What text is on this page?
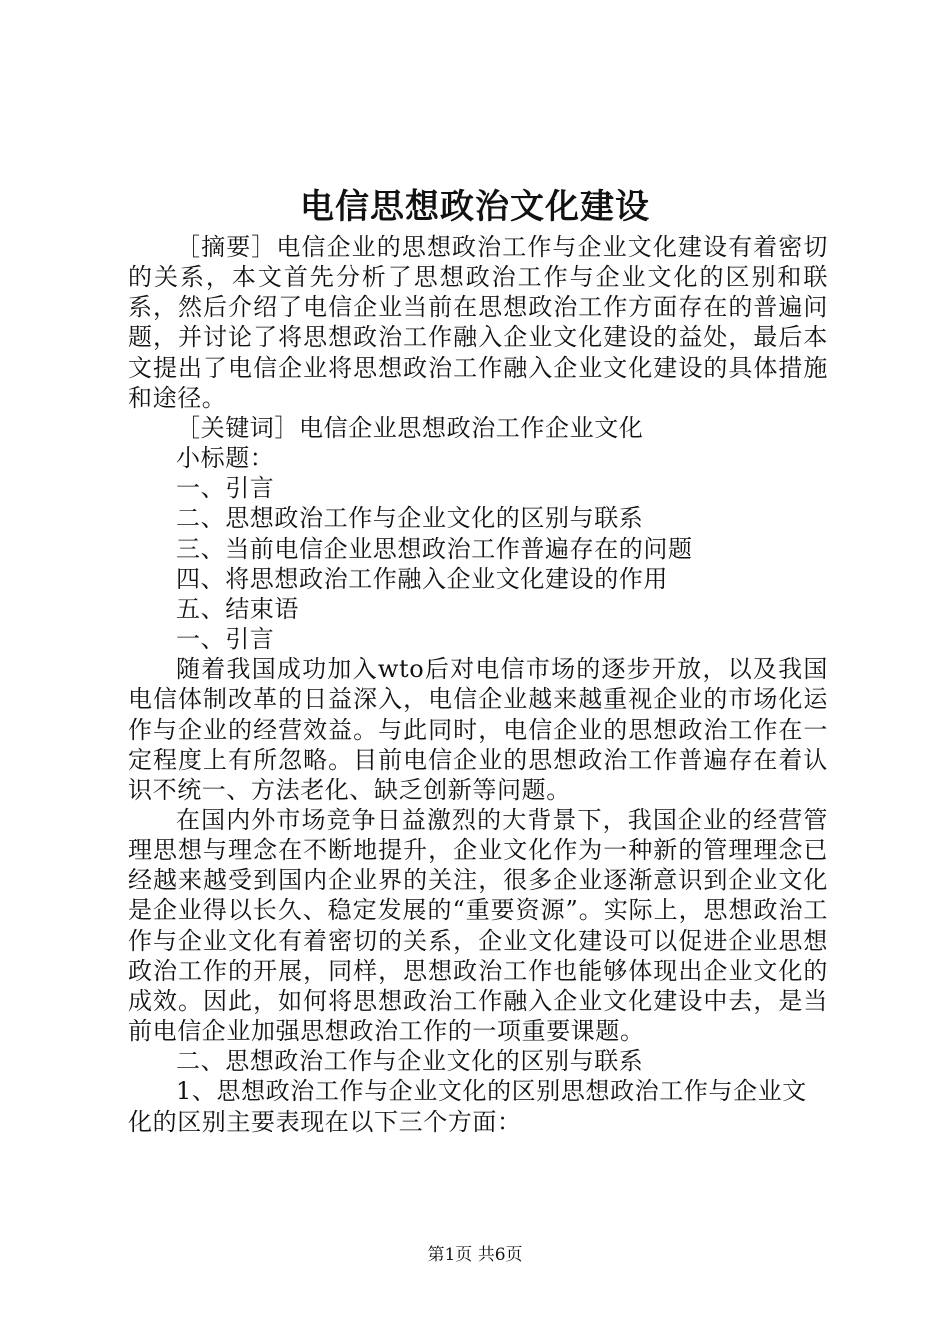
电信思想政治文化建设

［摘要］电信企业的思想政治工作与企业文化建设有着密切的关系，本文首先分析了思想政治工作与企业文化的区别和联系，然后介绍了电信企业当前在思想政治工作方面存在的普遍问题，并讨论了将思想政治工作融入企业文化建设的益处，最后本文提出了电信企业将思想政治工作融入企业文化建设的具体措施和途径。

［关键词］电信企业思想政治工作企业文化

小标题：

一、引言

二、思想政治工作与企业文化的区别与联系

三、当前电信企业思想政治工作普遍存在的问题

四、将思想政治工作融入企业文化建设的作用

五、结束语

一、引言

随着我国成功加入wto后对电信市场的逐步开放，以及我国电信体制改革的日益深入，电信企业越来越重视企业的市场化运作与企业的经营效益。与此同时，电信企业的思想政治工作在一定程度上有所忽略。目前电信企业的思想政治工作普遍存在着认识不统一、方法老化、缺乏创新等问题。

在国内外市场竞争日益激烈的大背景下，我国企业的经营管理思想与理念在不断地提升，企业文化作为一种新的管理理念已经越来越受到国内企业界的关注，很多企业逐渐意识到企业文化是企业得以长久、稳定发展的“重要资源”。实际上，思想政治工作与企业文化有着密切的关系，企业文化建设可以促进企业思想政治工作的开展，同样，思想政治工作也能够体现出企业文化的成效。因此，如何将思想政治工作融入企业文化建设中去，是当前电信企业加强思想政治工作的一项重要课题。

二、思想政治工作与企业文化的区别与联系

1、思想政治工作与企业文化的区别思想政治工作与企业文化的区别主要表现在以下三个方面：

第1页 共6页
